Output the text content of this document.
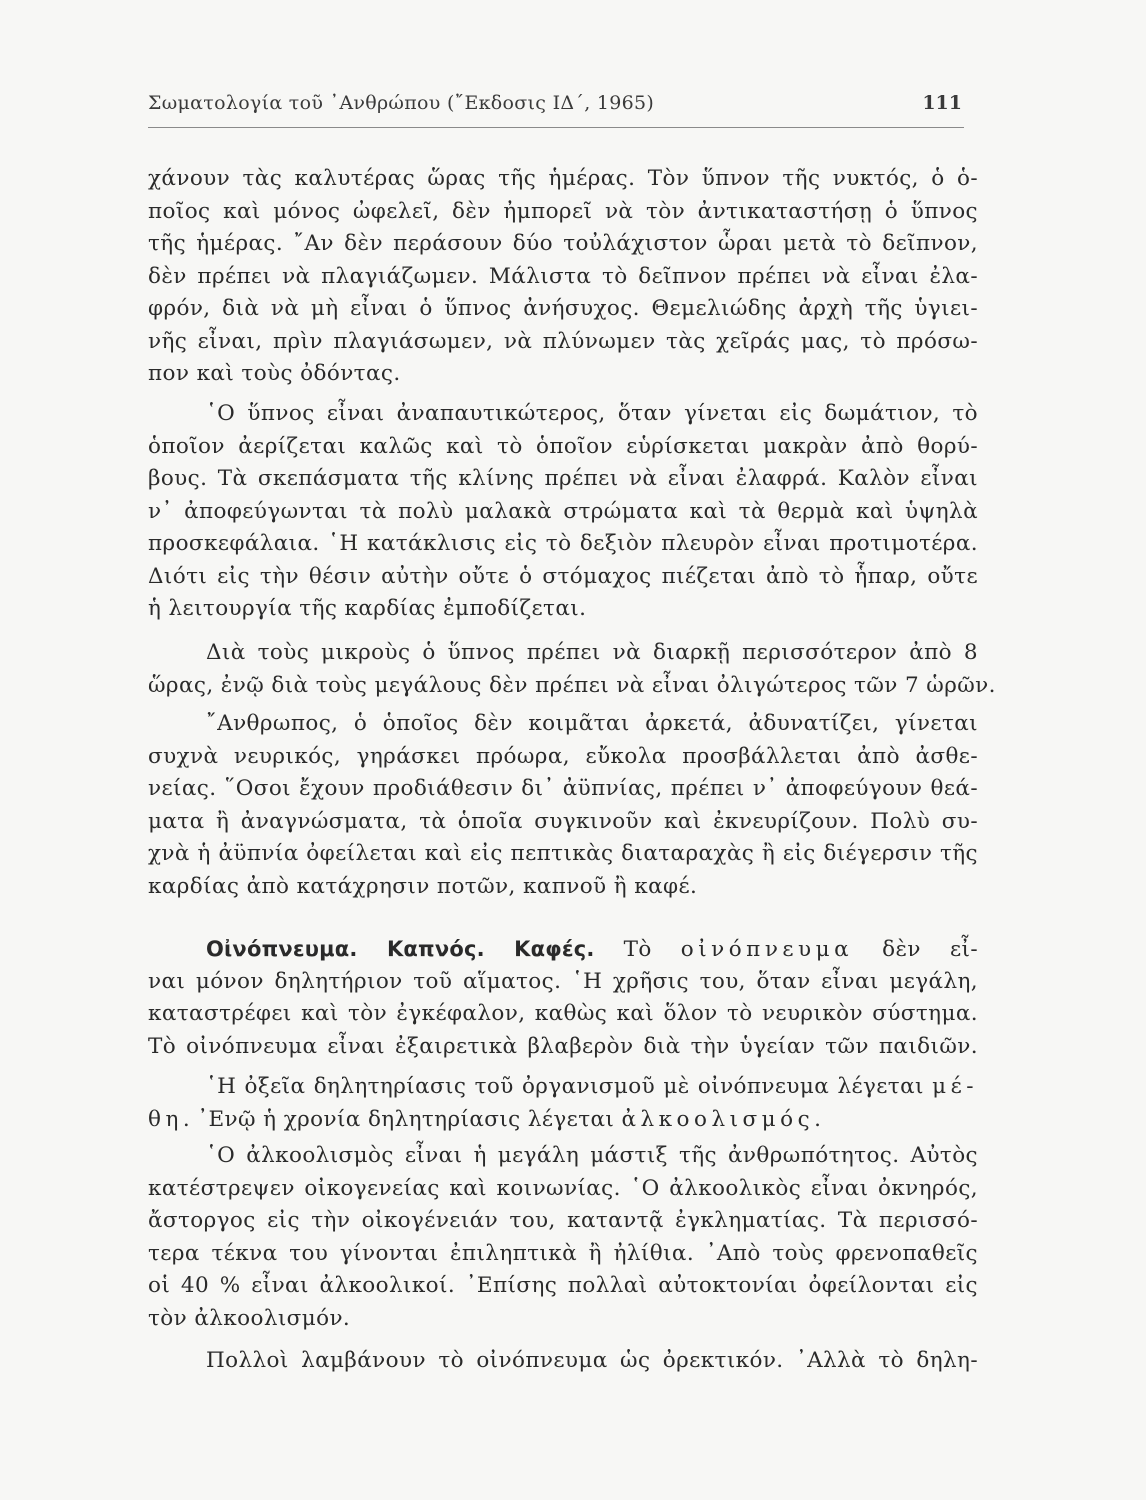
Σωματολογία τοῦ ᾿Ανθρώπου (῎Εκδοσις ΙΔ΄, 1965)	111
χάνουν τὰς καλυτέρας ὥρας τῆς ἡμέρας. Τὸν ὕπνον τῆς νυκτός, ὁ ὁ-
ποῖος καὶ μόνος ὠφελεῖ, δὲν ἠμπορεῖ νὰ τὸν ἀντικαταστήσῃ ὁ ὕπνος
τῆς ἡμέρας. ῎Αν δὲν περάσουν δύο τοὐλάχιστον ὧραι μετὰ τὸ δεῖπνον,
δὲν πρέπει νὰ πλαγιάζωμεν. Μάλιστα τὸ δεῖπνον πρέπει νὰ εἶναι ἐλα-
φρόν, διὰ νὰ μὴ εἶναι ὁ ὕπνος ἀνήσυχος. Θεμελιώδης ἀρχὴ τῆς ὑγιει-
νῆς εἶναι, πρὶν πλαγιάσωμεν, νὰ πλύνωμεν τὰς χεῖράς μας, τὸ πρόσω-
πον καὶ τοὺς ὀδόντας.
῾Ο ὕπνος εἶναι ἀναπαυτικώτερος, ὅταν γίνεται εἰς δωμάτιον, τὸ
ὁποῖον ἀερίζεται καλῶς καὶ τὸ ὁποῖον εὑρίσκεται μακρὰν ἀπὸ θορύ-
βους. Τὰ σκεπάσματα τῆς κλίνης πρέπει νὰ εἶναι ἐλαφρά. Καλὸν εἶναι
ν᾿ ἀποφεύγωνται τὰ πολὺ μαλακὰ στρώματα καὶ τὰ θερμὰ καὶ ὑψηλὰ
προσκεφάλαια. ῾Η κατάκλισις εἰς τὸ δεξιὸν πλευρὸν εἶναι προτιμοτέρα.
Διότι εἰς τὴν θέσιν αὐτὴν οὔτε ὁ στόμαχος πιέζεται ἀπὸ τὸ ἧπαρ, οὔτε
ἡ λειτουργία τῆς καρδίας ἐμποδίζεται.
Διὰ τοὺς μικροὺς ὁ ὕπνος πρέπει νὰ διαρκῇ περισσότερον ἀπὸ 8
ὥρας, ἐνῷ διὰ τοὺς μεγάλους δὲν πρέπει νὰ εἶναι ὀλιγώτερος τῶν 7 ὡρῶν.
῎Ανθρωπος, ὁ ὁποῖος δὲν κοιμᾶται ἀρκετά, ἀδυνατίζει, γίνεται
συχνὰ νευρικός, γηράσκει πρόωρα, εὔκολα προσβάλλεται ἀπὸ ἀσθε-
νείας. ῞Οσοι ἔχουν προδιάθεσιν δι᾿ ἀϋπνίας, πρέπει ν᾿ ἀποφεύγουν θεά-
ματα ἢ ἀναγνώσματα, τὰ ὁποῖα συγκινοῦν καὶ ἐκνευρίζουν. Πολὺ συ-
χνὰ ἡ ἀϋπνία ὀφείλεται καὶ εἰς πεπτικὰς διαταραχὰς ἢ εἰς διέγερσιν τῆς
καρδίας ἀπὸ κατάχρησιν ποτῶν, καπνοῦ ἢ καφέ.
Οἰνόπνευμα. Καπνός. Καφές. Τὸ οἰνόπνευμα δὲν εἶ-
ναι μόνον δηλητήριον τοῦ αἵματος. ῾Η χρῆσις του, ὅταν εἶναι μεγάλη,
καταστρέφει καὶ τὸν ἐγκέφαλον, καθὼς καὶ ὅλον τὸ νευρικὸν σύστημα.
Τὸ οἰνόπνευμα εἶναι ἐξαιρετικὰ βλαβερὸν διὰ τὴν ὑγείαν τῶν παιδιῶν.
῾Η ὀξεῖα δηλητηρίασις τοῦ ὀργανισμοῦ μὲ οἰνόπνευμα λέγεται μέ-
θη. ᾿Ενῷ ἡ χρονία δηλητηρίασις λέγεται ἀλκοολισμός.
῾Ο ἀλκοολισμὸς εἶναι ἡ μεγάλη μάστιξ τῆς ἀνθρωπότητος. Αὐτὸς
κατέστρεψεν οἰκογενείας καὶ κοινωνίας. ῾Ο ἀλκοολικὸς εἶναι ὀκνηρός,
ἄστοργος εἰς τὴν οἰκογένειάν του, καταντᾷ ἐγκληματίας. Τὰ περισσό-
τερα τέκνα του γίνονται ἐπιληπτικὰ ἢ ἠλίθια. ᾿Απὸ τοὺς φρενοπαθεῖς
οἱ 40 % εἶναι ἀλκοολικοί. ᾿Επίσης πολλαὶ αὐτοκτονίαι ὀφείλονται εἰς
τὸν ἀλκοολισμόν.
Πολλοὶ λαμβάνουν τὸ οἰνόπνευμα ὡς ὀρεκτικόν. ᾿Αλλὰ τὸ δηλη-
